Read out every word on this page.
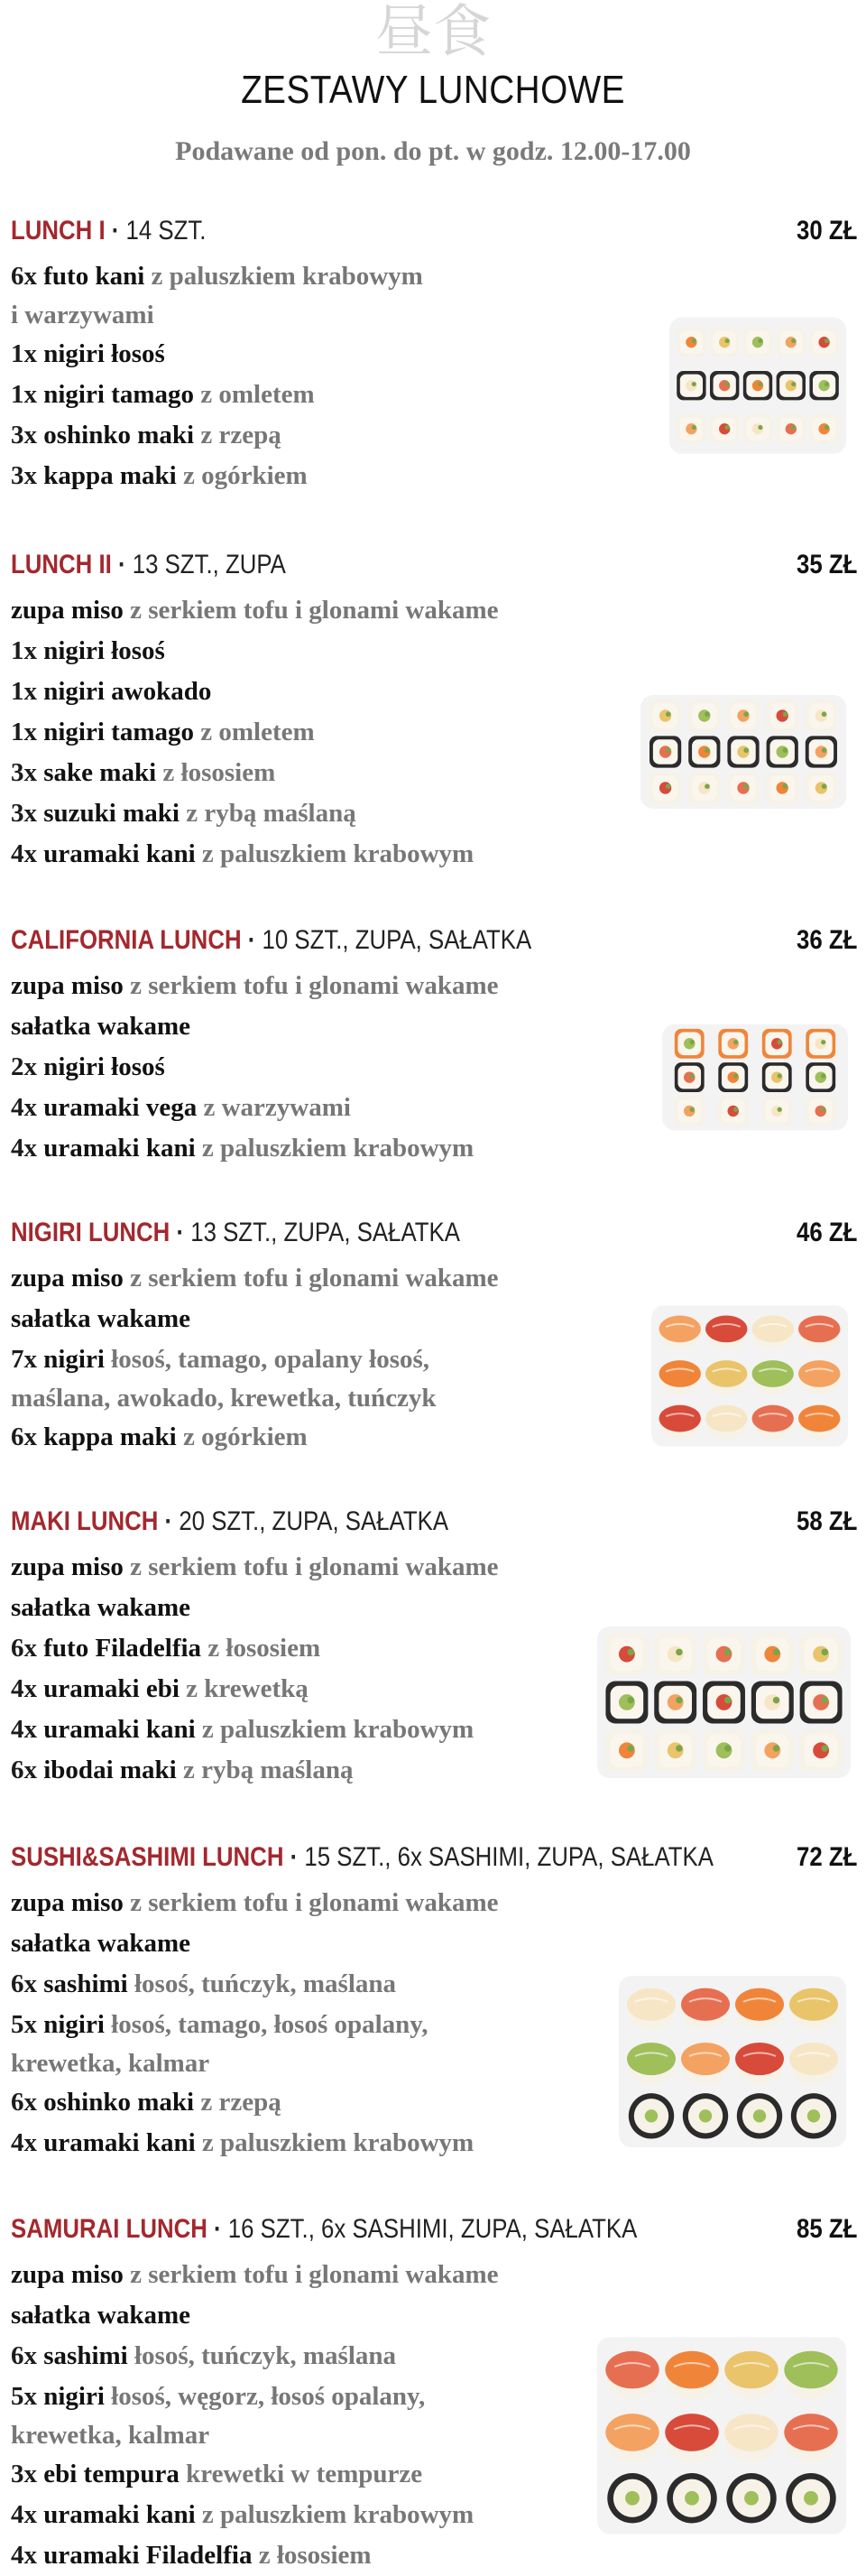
昼食
ZESTAWY LUNCHOWE
Podawane od pon. do pt. w godz. 12.00-17.00
LUNCH I · 14 SZT.	30 ZŁ
6x futo kani z paluszkiem krabowym
i warzywami
1x nigiri łosoś
1x nigiri tamago z omletem
3x oshinko maki z rzepą
3x kappa maki z ogórkiem
LUNCH II · 13 SZT., ZUPA	35 ZŁ
zupa miso z serkiem tofu i glonami wakame
1x nigiri łosoś
1x nigiri awokado
1x nigiri tamago z omletem
3x sake maki z łososiem
3x suzuki maki z rybą maślaną
4x uramaki kani z paluszkiem krabowym
CALIFORNIA LUNCH · 10 SZT., ZUPA, SAŁATKA	36 ZŁ
zupa miso z serkiem tofu i glonami wakame
sałatka wakame
2x nigiri łosoś
4x uramaki vega z warzywami
4x uramaki kani z paluszkiem krabowym
NIGIRI LUNCH · 13 SZT., ZUPA, SAŁATKA	46 ZŁ
zupa miso z serkiem tofu i glonami wakame
sałatka wakame
7x nigiri łosoś, tamago, opalany łosoś,
maślana, awokado, krewetka, tuńczyk
6x kappa maki z ogórkiem
MAKI LUNCH · 20 SZT., ZUPA, SAŁATKA	58 ZŁ
zupa miso z serkiem tofu i glonami wakame
sałatka wakame
6x futo Filadelfia z łososiem
4x uramaki ebi z krewetką
4x uramaki kani z paluszkiem krabowym
6x ibodai maki z rybą maślaną
SUSHI&SASHIMI LUNCH · 15 SZT., 6x SASHIMI, ZUPA, SAŁATKA	72 ZŁ
zupa miso z serkiem tofu i glonami wakame
sałatka wakame
6x sashimi łosoś, tuńczyk, maślana
5x nigiri łosoś, tamago, łosoś opalany,
krewetka, kalmar
6x oshinko maki z rzepą
4x uramaki kani z paluszkiem krabowym
SAMURAI LUNCH · 16 SZT., 6x SASHIMI, ZUPA, SAŁATKA	85 ZŁ
zupa miso z serkiem tofu i glonami wakame
sałatka wakame
6x sashimi łosoś, tuńczyk, maślana
5x nigiri łosoś, węgorz, łosoś opalany,
krewetka, kalmar
3x ebi tempura krewetki w tempurze
4x uramaki kani z paluszkiem krabowym
4x uramaki Filadelfia z łososiem
